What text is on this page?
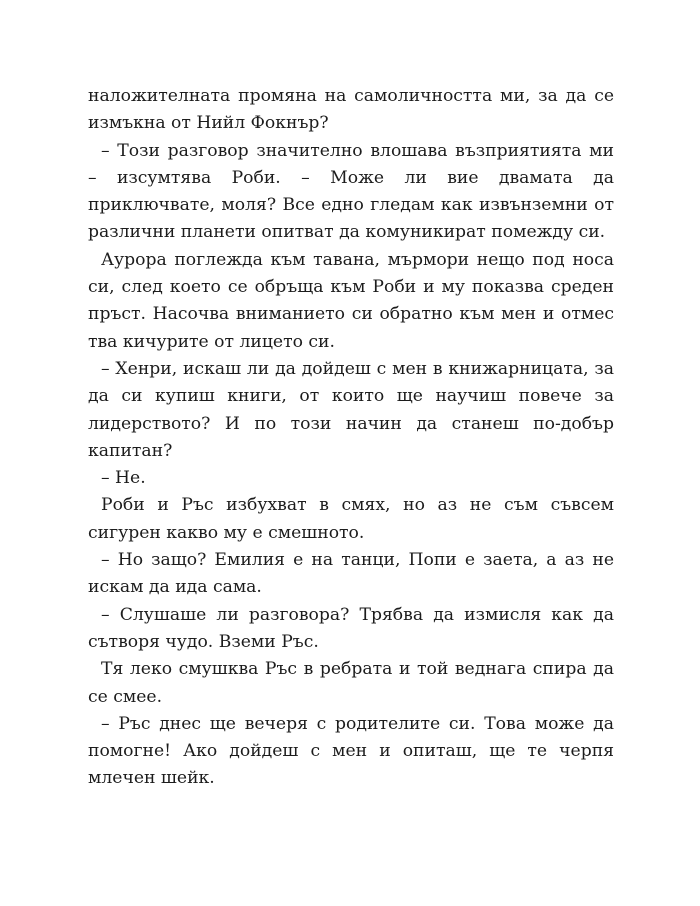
наложителната промяна на самоличността ми, за да се измъкна от Нийл Фокнър?

– Този разговор значително влошава възприятията ми – изсумтява Роби. – Може ли вие двамата да приключвате, моля? Все едно гледам как извънземни от различни планети опитват да комуникират помежду си.

Аурора поглежда към тавана, мърмори нещо под носа си, след което се обръща към Роби и му показва среден пръст. Насочва вниманието си обратно към мен и отмес тва кичурите от лицето си.

– Хенри, искаш ли да дойдеш с мен в книжарницата, за да си купиш книги, от които ще научиш повече за лидерството? И по този начин да станеш по-добър капитан?

– Не.

Роби и Ръс избухват в смях, но аз не съм съвсем сигурен какво му е смешното.

– Но защо? Емилия е на танци, Попи е заета, а аз не искам да ида сама.

– Слушаше ли разговора? Трябва да измисля как да сътворя чудо. Вземи Ръс.

Тя леко смушква Ръс в ребрата и той веднага спира да се смее.

– Ръс днес ще вечеря с родителите си. Това може да помогне! Ако дойдеш с мен и опиташ, ще те черпя млечен шейк.
